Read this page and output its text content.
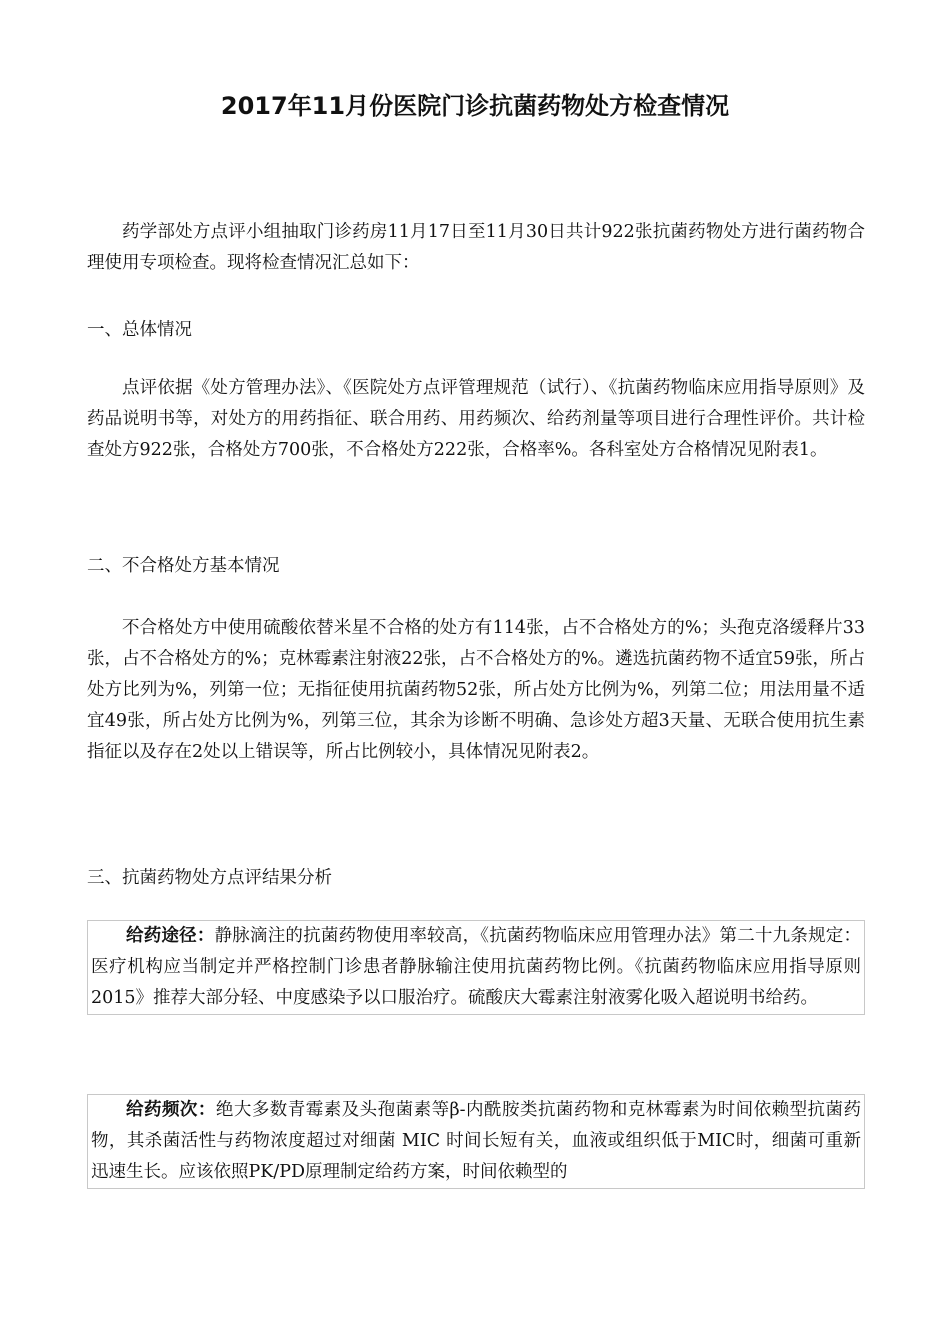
2017年11月份医院门诊抗菌药物处方检查情况

药学部处方点评小组抽取门诊药房11月17日至11月30日共计922张抗菌药物处方进行菌药物合理使用专项检查。现将检查情况汇总如下：

一、总体情况

点评依据《处方管理办法》、《医院处方点评管理规范（试行）、《抗菌药物临床应用指导原则》及药品说明书等，对处方的用药指征、联合用药、用药频次、给药剂量等项目进行合理性评价。共计检查处方922张，合格处方700张，不合格处方222张，合格率%。各科室处方合格情况见附表1。

二、不合格处方基本情况

不合格处方中使用硫酸依替米星不合格的处方有114张，占不合格处方的%；头孢克洛缓释片33张，占不合格处方的%；克林霉素注射液22张，占不合格处方的%。遴选抗菌药物不适宜59张，所占处方比列为%，列第一位；无指征使用抗菌药物52张，所占处方比例为%，列第二位；用法用量不适宜49张，所占处方比例为%，列第三位，其余为诊断不明确、急诊处方超3天量、无联合使用抗生素指征以及存在2处以上错误等，所占比例较小，具体情况见附表2。

三、抗菌药物处方点评结果分析

给药途径：静脉滴注的抗菌药物使用率较高，《抗菌药物临床应用管理办法》第二十九条规定：医疗机构应当制定并严格控制门诊患者静脉输注使用抗菌药物比例。《抗菌药物临床应用指导原则 2015》推荐大部分轻、中度感染予以口服治疗。硫酸庆大霉素注射液雾化吸入超说明书给药。

给药频次：绝大多数青霉素及头孢菌素等β-内酰胺类抗菌药物和克林霉素为时间依赖型抗菌药物，其杀菌活性与药物浓度超过对细菌 MIC 时间长短有关，血液或组织低于MIC时，细菌可重新迅速生长。应该依照PK/PD原理制定给药方案，时间依赖型的
